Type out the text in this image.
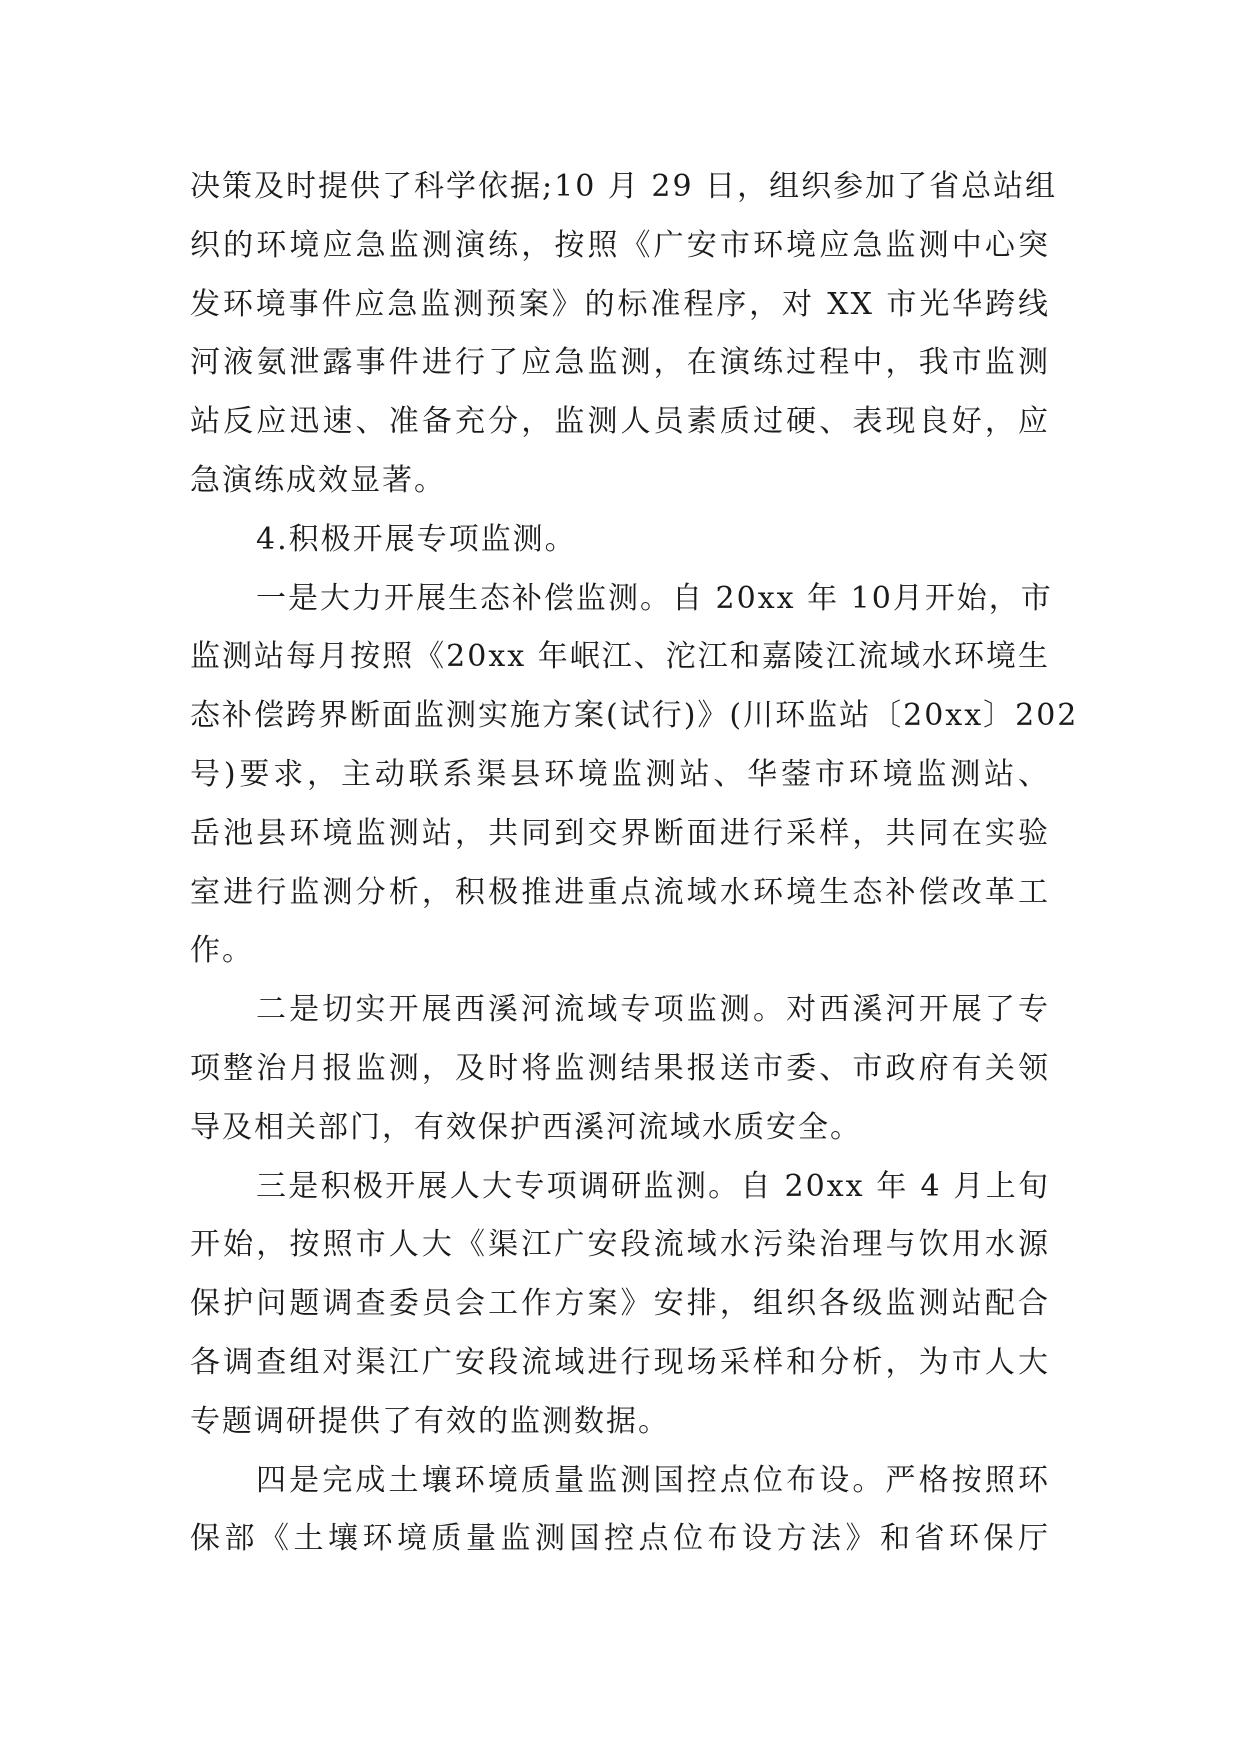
决策及时提供了科学依据;10 月 29 日，组织参加了省总站组
织的环境应急监测演练，按照《广安市环境应急监测中心突
发环境事件应急监测预案》的标准程序，对 XX 市光华跨线
河液氨泄露事件进行了应急监测，在演练过程中，我市监测
站反应迅速、准备充分，监测人员素质过硬、表现良好，应
急演练成效显著。
4.积极开展专项监测。
一是大力开展生态补偿监测。自 20xx 年 10月开始，市
监测站每月按照《20xx 年岷江、沱江和嘉陵江流域水环境生
态补偿跨界断面监测实施方案(试行)》(川环监站〔20xx〕202
号)要求，主动联系渠县环境监测站、华蓥市环境监测站、
岳池县环境监测站，共同到交界断面进行采样，共同在实验
室进行监测分析，积极推进重点流域水环境生态补偿改革工
作。
二是切实开展西溪河流域专项监测。对西溪河开展了专
项整治月报监测，及时将监测结果报送市委、市政府有关领
导及相关部门，有效保护西溪河流域水质安全。
三是积极开展人大专项调研监测。自 20xx 年 4 月上旬
开始，按照市人大《渠江广安段流域水污染治理与饮用水源
保护问题调查委员会工作方案》安排，组织各级监测站配合
各调查组对渠江广安段流域进行现场采样和分析，为市人大
专题调研提供了有效的监测数据。
四是完成土壤环境质量监测国控点位布设。严格按照环
保部《土壤环境质量监测国控点位布设方法》和省环保厅
